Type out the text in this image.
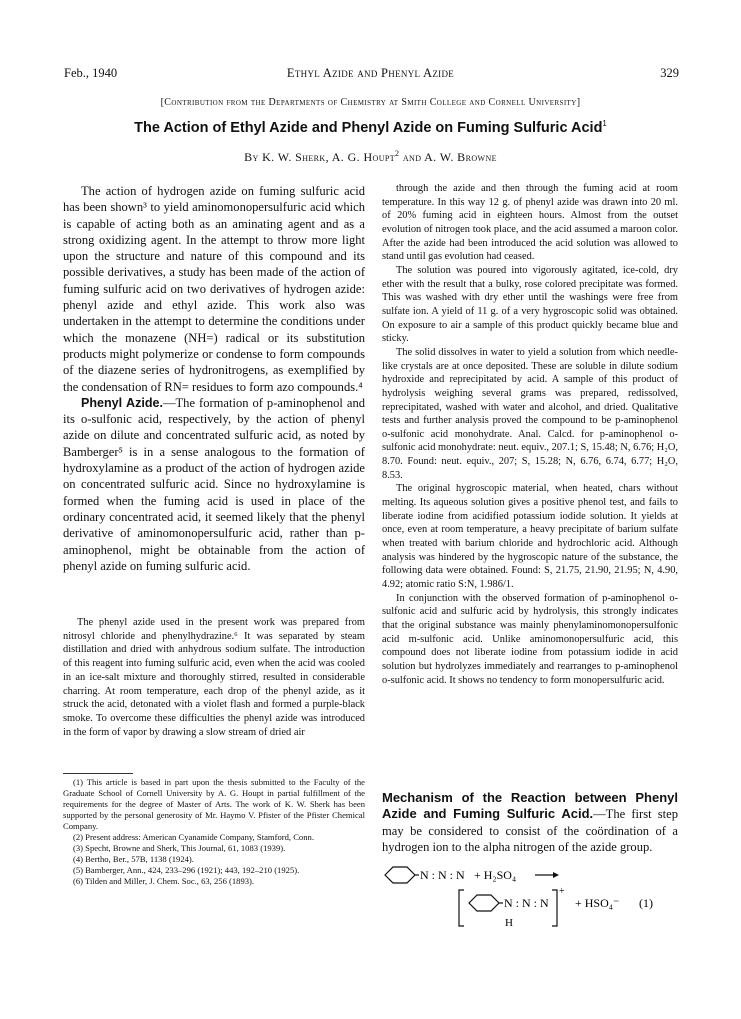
Feb., 1940	Ethyl Azide and Phenyl Azide	329
[Contribution from the Departments of Chemistry at Smith College and Cornell University]
The Action of Ethyl Azide and Phenyl Azide on Fuming Sulfuric Acid$^1$
By K. W. Sherk, A. G. Houpt$^2$ and A. W. Browne

The action of hydrogen azide on fuming sulfuric acid has been shown³ to yield aminomonopersulfuric acid which is capable of acting both as an aminating agent and as a strong oxidizing agent. In the attempt to throw more light upon the structure and nature of this compound and its possible derivatives, a study has been made of the action of fuming sulfuric acid on two derivatives of hydrogen azide: phenyl azide and ethyl azide. This work also was undertaken in the attempt to determine the conditions under which the monazene (NH=) radical or its substitution products might polymerize or condense to form compounds of the diazene series of hydronitrogens, as exemplified by the condensation of RN= residues to form azo compounds.⁴

Phenyl Azide.—The formation of p-aminophenol and its o-sulfonic acid, respectively, by the action of phenyl azide on dilute and concentrated sulfuric acid, as noted by Bamberger⁵ is in a sense analogous to the formation of hydroxylamine as a product of the action of hydrogen azide on concentrated sulfuric acid. Since no hydroxylamine is formed when the fuming acid is used in place of the ordinary concentrated acid, it seemed likely that the phenyl derivative of aminomonopersulfuric acid, rather than p-aminophenol, might be obtainable from the action of phenyl azide on fuming sulfuric acid.

The phenyl azide used in the present work was prepared from nitrosyl chloride and phenylhydrazine.⁶ It was separated by steam distillation and dried with anhydrous sodium sulfate. The introduction of this reagent into fuming sulfuric acid, even when the acid was cooled in an ice-salt mixture and thoroughly stirred, resulted in considerable charring. At room temperature, each drop of the phenyl azide, as it struck the acid, detonated with a violet flash and formed a purple-black smoke. To overcome these difficulties the phenyl azide was introduced in the form of vapor by drawing a slow stream of dried air

(1) This article is based in part upon the thesis submitted to the Faculty of the Graduate School of Cornell University by A. G. Houpt in partial fulfillment of the requirements for the degree of Master of Arts. The work of K. W. Sherk has been supported by the personal generosity of Mr. Haymo V. Pfister of the Pfister Chemical Company.

(2) Present address: American Cyanamide Company, Stamford, Conn.

(3) Specht, Browne and Sherk, This Journal, 61, 1083 (1939).

(4) Bertho, Ber., 57B, 1138 (1924).

(5) Bamberger, Ann., 424, 233–296 (1921); 443, 192–210 (1925).

(6) Tilden and Miller, J. Chem. Soc., 63, 256 (1893).

through the azide and then through the fuming acid at room temperature. In this way 12 g. of phenyl azide was drawn into 20 ml. of 20% fuming acid in eighteen hours. Almost from the outset evolution of nitrogen took place, and the acid assumed a maroon color. After the azide had been introduced the acid solution was allowed to stand until gas evolution had ceased.

The solution was poured into vigorously agitated, ice-cold, dry ether with the result that a bulky, rose colored precipitate was formed. This was washed with dry ether until the washings were free from sulfate ion. A yield of 11 g. of a very hygroscopic solid was obtained. On exposure to air a sample of this product quickly became blue and sticky.

The solid dissolves in water to yield a solution from which needle-like crystals are at once deposited. These are soluble in dilute sodium hydroxide and reprecipitated by acid. A sample of this product of hydrolysis weighing several grams was prepared, redissolved, reprecipitated, washed with water and alcohol, and dried. Qualitative tests and further analysis proved the compound to be p-aminophenol o-sulfonic acid monohydrate. Anal. Calcd. for p-aminophenol o-sulfonic acid monohydrate: neut. equiv., 207.1; S, 15.48; N, 6.76; H₂O, 8.70. Found: neut. equiv., 207; S, 15.28; N, 6.76, 6.74, 6.77; H₂O, 8.53.

The original hygroscopic material, when heated, chars without melting. Its aqueous solution gives a positive phenol test, and fails to liberate iodine from acidified potassium iodide solution. It yields at once, even at room temperature, a heavy precipitate of barium sulfate when treated with barium chloride and hydrochloric acid. Although analysis was hindered by the hygroscopic nature of the substance, the following data were obtained. Found: S, 21.75, 21.90, 21.95; N, 4.90, 4.92; atomic ratio S:N, 1.986/1.

In conjunction with the observed formation of p-aminophenol o-sulfonic acid and sulfuric acid by hydrolysis, this strongly indicates that the original substance was mainly phenylaminomonopersulfonic acid m-sulfonic acid. Unlike aminomonopersulfuric acid, this compound does not liberate iodine from potassium iodide in acid solution but hydrolyzes immediately and rearranges to p-aminophenol o-sulfonic acid. It shows no tendency to form monopersulfuric acid.

Mechanism of the Reaction between Phenyl Azide and Fuming Sulfuric Acid.—The first step may be considered to consist of the coördination of a hydrogen ion to the alpha nitrogen of the azide group.

N : N : N + H₂SO₄
N : N : N
H
+
+ HSO₄⁻ (1)
